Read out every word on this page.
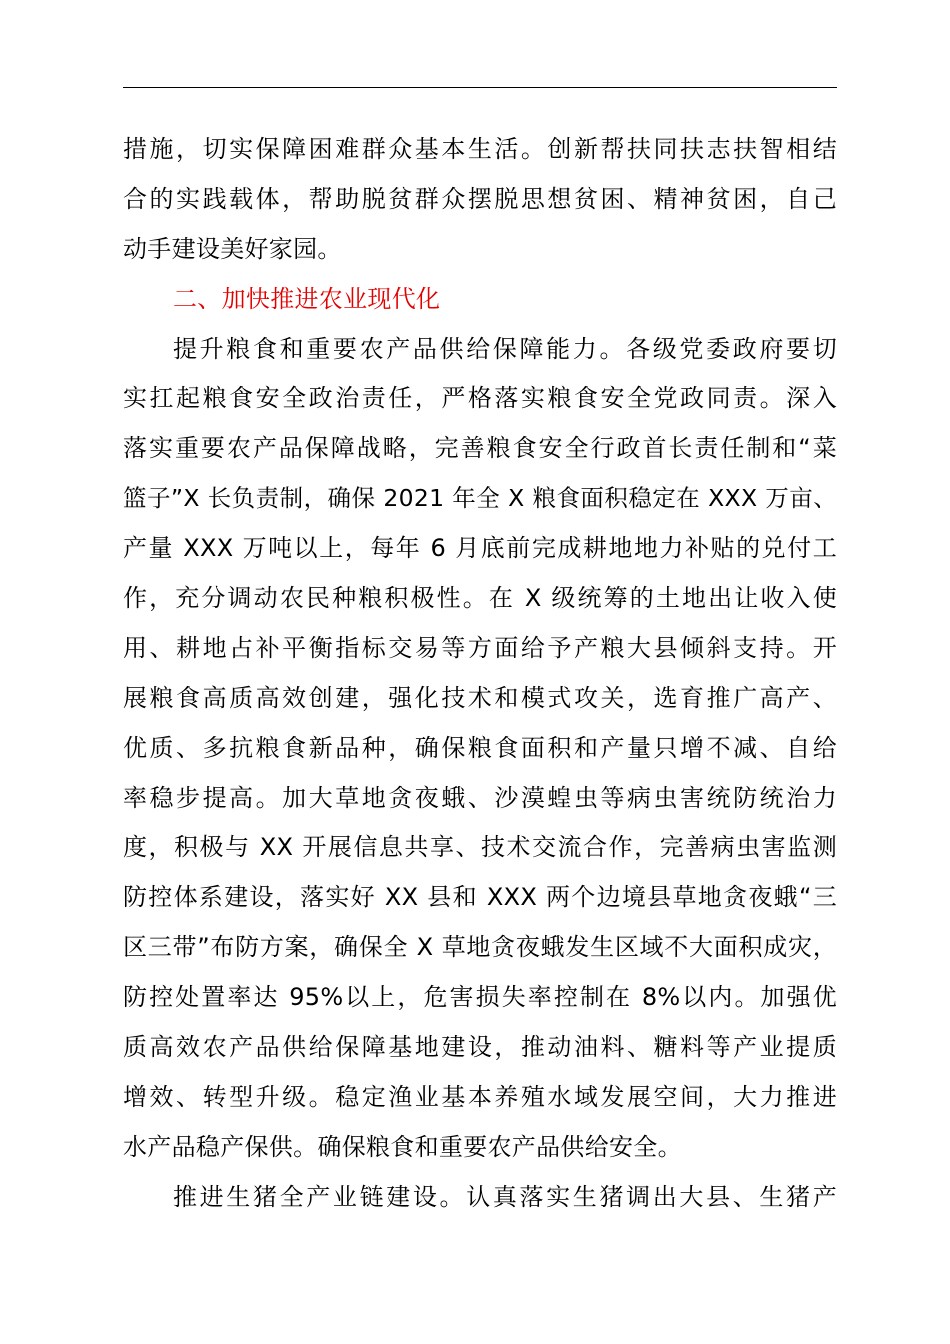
措施，切实保障困难群众基本生活。创新帮扶同扶志扶智相结
合的实践载体，帮助脱贫群众摆脱思想贫困、精神贫困，自己
动手建设美好家园。
二、加快推进农业现代化
提升粮食和重要农产品供给保障能力。各级党委政府要切
实扛起粮食安全政治责任，严格落实粮食安全党政同责。深入
落实重要农产品保障战略，完善粮食安全行政首长责任制和“菜
篮子”X 长负责制，确保 2021 年全 X 粮食面积稳定在 XXX 万亩、
产量 XXX 万吨以上，每年 6 月底前完成耕地地力补贴的兑付工
作，充分调动农民种粮积极性。在 X 级统筹的土地出让收入使
用、耕地占补平衡指标交易等方面给予产粮大县倾斜支持。开
展粮食高质高效创建，强化技术和模式攻关，选育推广高产、
优质、多抗粮食新品种，确保粮食面积和产量只增不减、自给
率稳步提高。加大草地贪夜蛾、沙漠蝗虫等病虫害统防统治力
度，积极与 XX 开展信息共享、技术交流合作，完善病虫害监测
防控体系建设，落实好 XX 县和 XXX 两个边境县草地贪夜蛾“三
区三带”布防方案，确保全 X 草地贪夜蛾发生区域不大面积成灾，
防控处置率达 95%以上，危害损失率控制在 8%以内。加强优
质高效农产品供给保障基地建设，推动油料、糖料等产业提质
增效、转型升级。稳定渔业基本养殖水域发展空间，大力推进
水产品稳产保供。确保粮食和重要农产品供给安全。
推进生猪全产业链建设。认真落实生猪调出大县、生猪产
